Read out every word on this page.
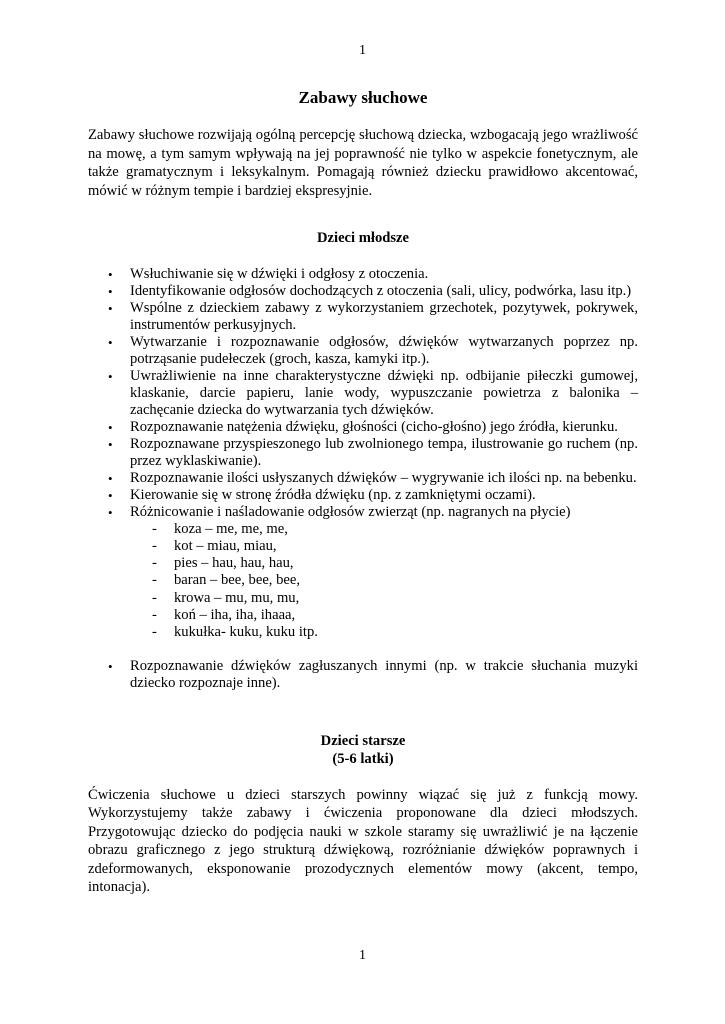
1
Zabawy słuchowe

Zabawy słuchowe rozwijają ogólną percepcję słuchową dziecka, wzbogacają jego wrażliwość na mowę, a tym samym wpływają na jej poprawność nie tylko w aspekcie fonetycznym, ale także gramatycznym i leksykalnym. Pomagają również dziecku prawidłowo akcentować, mówić w różnym tempie i bardziej ekspresyjnie.

Dzieci młodsze
• Wsłuchiwanie się w dźwięki i odgłosy z otoczenia.
• Identyfikowanie odgłosów dochodzących z otoczenia (sali, ulicy, podwórka, lasu itp.)
• Wspólne z dzieckiem zabawy z wykorzystaniem grzechotek, pozytywek, pokrywek, instrumentów perkusyjnych.
• Wytwarzanie i rozpoznawanie odgłosów, dźwięków wytwarzanych poprzez np. potrząsanie pudełeczek (groch, kasza, kamyki itp.).
• Uwrażliwienie na inne charakterystyczne dźwięki np. odbijanie piłeczki gumowej, klaskanie, darcie papieru, lanie wody, wypuszczanie powietrza z balonika – zachęcanie dziecka do wytwarzania tych dźwięków.
• Rozpoznawanie natężenia dźwięku, głośności (cicho-głośno) jego źródła, kierunku.
• Rozpoznawane przyspieszonego lub zwolnionego tempa, ilustrowanie go ruchem (np. przez wyklaskiwanie).
• Rozpoznawanie ilości usłyszanych dźwięków – wygrywanie ich ilości np. na bebenku.
• Kierowanie się w stronę źródła dźwięku (np. z zamkniętymi oczami).
• Różnicowanie i naśladowanie odgłosów zwierząt (np. nagranych na płycie)
- koza – me, me, me,
- kot – miau, miau,
- pies – hau, hau, hau,
- baran – bee, bee, bee,
- krowa – mu, mu, mu,
- koń – iha, iha, ihaaa,
- kukułka- kuku, kuku itp.
• Rozpoznawanie dźwięków zagłuszanych innymi (np. w trakcie słuchania muzyki dziecko rozpoznaje inne).
Dzieci starsze
(5-6 latki)

Ćwiczenia słuchowe u dzieci starszych powinny wiązać się już z funkcją mowy. Wykorzystujemy także zabawy i ćwiczenia proponowane dla dzieci młodszych. Przygotowując dziecko do podjęcia nauki w szkole staramy się uwrażliwić je na łączenie obrazu graficznego z jego strukturą dźwiękową, rozróżnianie dźwięków poprawnych i zdeformowanych, eksponowanie prozodycznych elementów mowy (akcent, tempo, intonacja).

1
